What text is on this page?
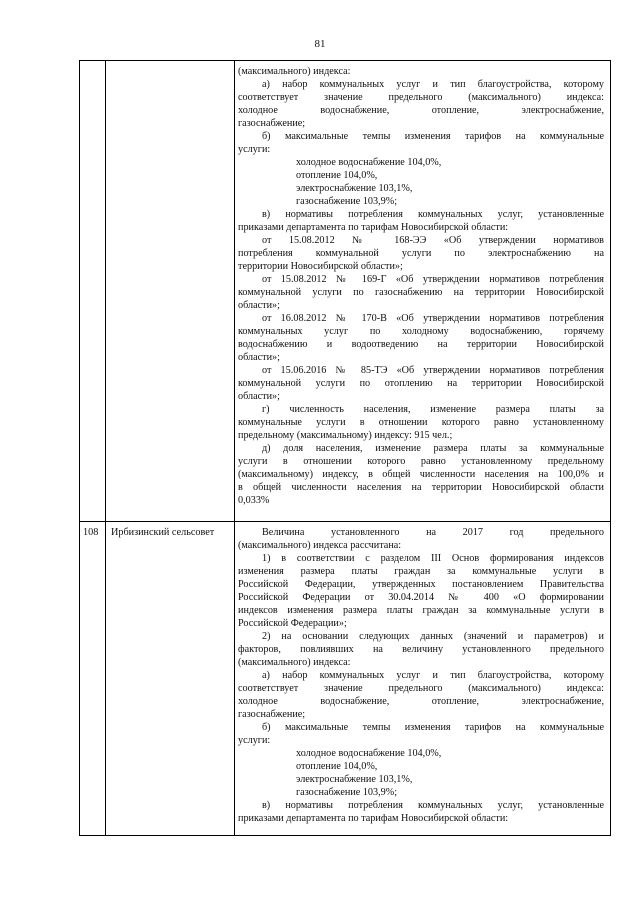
81

(максимального) индекса:

а) набор коммунальных услуг и тип благоустройства, которому

соответствует значение предельного (максимального) индекса:

холодное водоснабжение, отопление, электроснабжение,

газоснабжение;

б) максимальные темпы изменения тарифов на коммунальные

услуги:

холодное водоснабжение 104,0%,

отопление 104,0%,

электроснабжение 103,1%,

газоснабжение 103,9%;

в) нормативы потребления коммунальных услуг, установленные

приказами департамента по тарифам Новосибирской области:

от 15.08.2012 № 168-ЭЭ «Об утверждении нормативов

потребления коммунальной услуги по электроснабжению на

территории Новосибирской области»;

от 15.08.2012 № 169-Г «Об утверждении нормативов потребления

коммунальной услуги по газоснабжению на территории Новосибирской

области»;

от 16.08.2012 № 170-В «Об утверждении нормативов потребления

коммунальных услуг по холодному водоснабжению, горячему

водоснабжению и водоотведению на территории Новосибирской

области»;

от 15.06.2016 № 85-ТЭ «Об утверждении нормативов потребления

коммунальной услуги по отоплению на территории Новосибирской

области»;

г) численность населения, изменение размера платы за

коммунальные услуги в отношении которого равно установленному

предельному (максимальному) индексу: 915 чел.;

д) доля населения, изменение размера платы за коммунальные

услуги в отношении которого равно установленному предельному

(максимальному) индексу, в общей численности населения на 100,0% и

в общей численности населения на территории Новосибирской области

0,033%

108 Ирбизинский сельсовет	Величина установленного на 2017 год предельного

(максимального) индекса рассчитана:

1) в соответствии с разделом III Основ формирования индексов

изменения размера платы граждан за коммунальные услуги в

Российской Федерации, утвержденных постановлением Правительства

Российской Федерации от 30.04.2014 № 400 «О формировании

индексов изменения размера платы граждан за коммунальные услуги в

Российской Федерации»;

2) на основании следующих данных (значений и параметров) и

факторов, повлиявших на величину установленного предельного

(максимального) индекса:

а) набор коммунальных услуг и тип благоустройства, которому

соответствует значение предельного (максимального) индекса:

холодное водоснабжение, отопление, электроснабжение,

газоснабжение;

б) максимальные темпы изменения тарифов на коммунальные

услуги:

холодное водоснабжение 104,0%,

отопление 104,0%,

электроснабжение 103,1%,

газоснабжение 103,9%;

в) нормативы потребления коммунальных услуг, установленные

приказами департамента по тарифам Новосибирской области:
